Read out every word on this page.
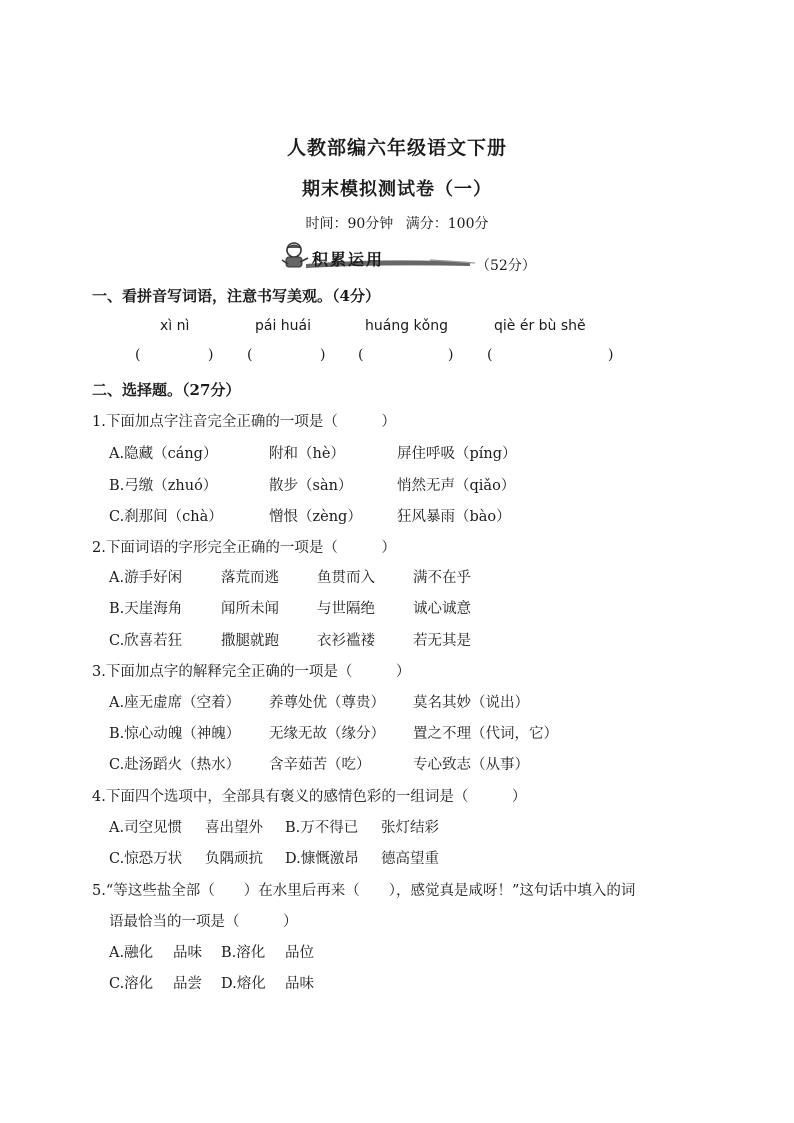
人教部编六年级语文下册
期末模拟测试卷（一）
时间：90分钟 满分：100分
积累运用	（52分）
一、看拼音写词语，注意书写美观。（4分）
xì nì	pái huái	huáng kǒng	qiè ér bù shě
(	) (	) (	) (	)
二、选择题。（27分）
1.下面加点字注音完全正确的一项是（　　　）
A.隐藏（cáng）	附和（hè）	屏住呼吸（píng）
B.弓缴（zhuó）	散步（sàn）	悄然无声（qiǎo）
C.刹那间（chà）	憎恨（zèng） 狂风暴雨（bào）
2.下面词语的字形完全正确的一项是（　　　）
A.游手好闲	落荒而逃	鱼贯而入	满不在乎
B.天崖海角	闻所未闻	与世隔绝	诚心诚意
C.欣喜若狂	撒腿就跑	衣衫褴褛	若无其是
3.下面加点字的解释完全正确的一项是（　　　）
A.座无虚席（空着） 养尊处优（尊贵） 莫名其妙（说出）
B.惊心动魄（神魄） 无缘无故（缘分） 置之不理（代词，它）
C.赴汤蹈火（热水） 含辛茹苦（吃）	专心致志（从事）
4.下面四个选项中，全部具有褒义的感情色彩的一组词是（　　　）
A.司空见惯 喜出望外 B.万不得已 张灯结彩
C.惊恐万状 负隅顽抗 D.慷慨激昂 德高望重
5.“等这些盐全部（　　）在水里后再来（　　），感觉真是咸呀！”这句话中填入的词
语最恰当的一项是（　　　）
A.融化 品味 B.溶化 品位
C.溶化 品尝 D.熔化 品味
